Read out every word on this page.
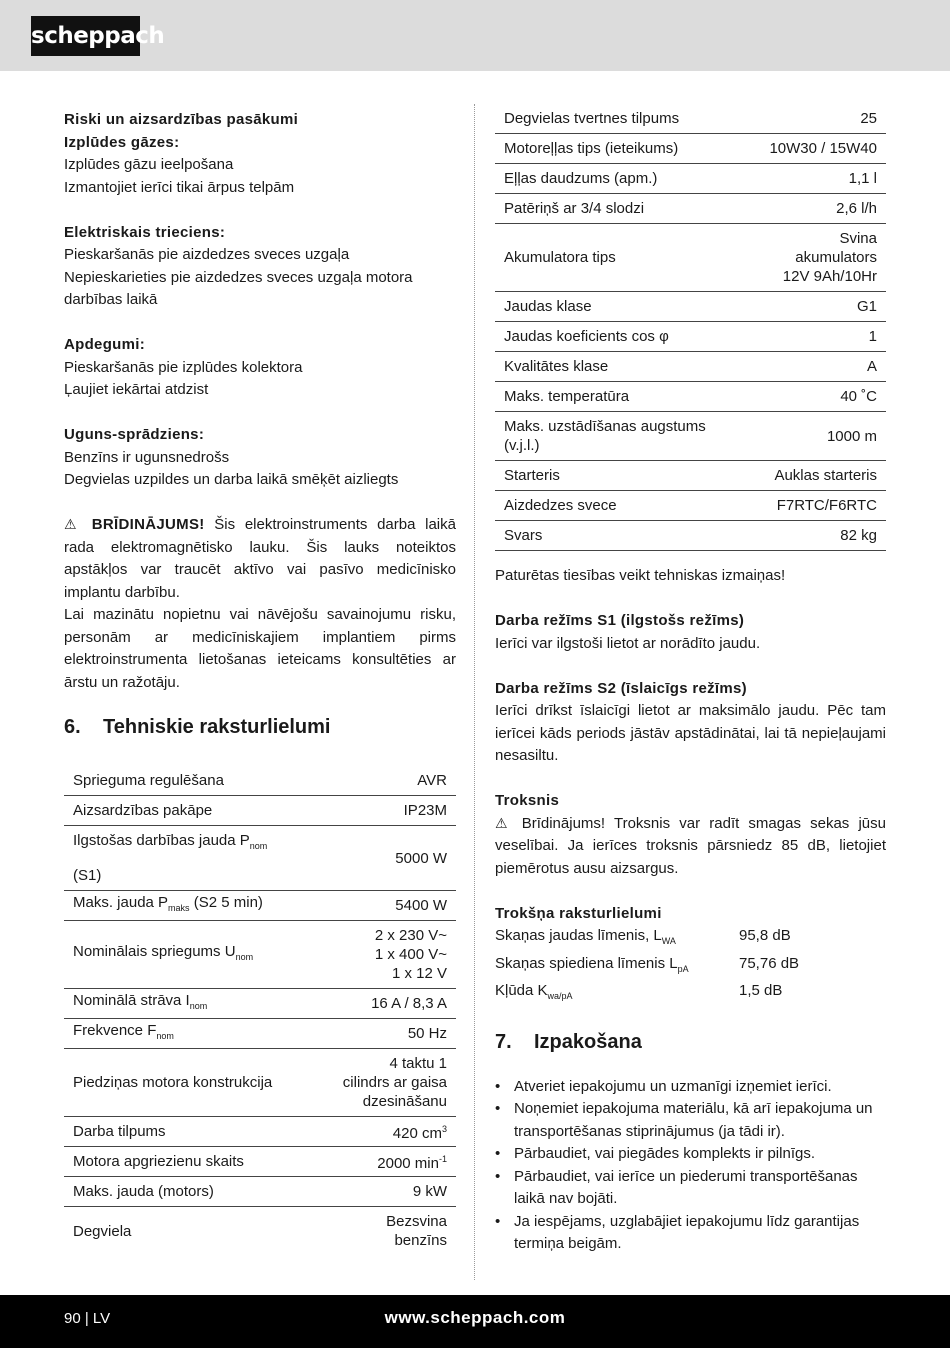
scheppach

Riski un aizsardzības pasākumi

Izplūdes gāzes:

Izplūdes gāzu ieelpošana

Izmantojiet ierīci tikai ārpus telpām

Elektriskais trieciens:

Pieskaršanās pie aizdedzes sveces uzgaļa

Nepieskarieties pie aizdedzes sveces uzgaļa motora darbības laikā

Apdegumi:

Pieskaršanās pie izplūdes kolektora

Ļaujiet iekārtai atdzist

Uguns-sprādziens:

Benzīns ir ugunsnedrošs

Degvielas uzpildes un darba laikā smēķēt aizliegts

⚠ BRĪDINĀJUMS! Šis elektroinstruments darba laikā rada elektromagnētisko lauku. Šis lauks noteiktos apstākļos var traucēt aktīvo vai pasīvo medicīnisko implantu darbību.

Lai mazinātu nopietnu vai nāvējošu savainojumu risku, personām ar medicīniskajiem implantiem pirms elektroinstrumenta lietošanas ieteicams konsultēties ar ārstu un ražotāju.

6. Tehniskie raksturlielumi

Sprieguma regulēšana	AVR
Aizsardzības pakāpe	IP23M
Ilgstošas darbības jauda $P_{nom}$
(S1)	5000 W
Maks. jauda $P_{maks}$ (S2 5 min)	5400 W
Nominālais spriegums $U_{nom}$	2 x 230 V~
1 x 400 V~
1 x 12 V
Nominālā strāva $I_{nom}$	16 A / 8,3 A
Frekvence $F_{nom}$	50 Hz
Piedziņas motora konstrukcija	4 taktu 1
cilindrs ar gaisa
dzesināšanu
Darba tilpums	420 $cm^3$
Motora apgriezienu skaits	2000 $\min^{-1}$
Maks. jauda (motors)	9 kW
Degviela	Bezsvina
benzīns
Degvielas tvertnes tilpums	25
Motoreļļas tips (ieteikums)	10W30 / 15W40
Eļļas daudzums (apm.)	1,1 l
Patēriņš ar 3/4 slodzi	2,6 l/h
Akumulatora tips	Svina
akumulators
12V 9Ah/10Hr
Jaudas klase	G1
Jaudas koeficients cos φ	1
Kvalitātes klase	A
Maks. temperatūra	40 ˚C
Maks. uzstādīšanas augstums
(v.j.l.)	1000 m
Starteris	Auklas starteris
Aizdedzes svece	F7RTC/F6RTC
Svars	82 kg

Paturētas tiesības veikt tehniskas izmaiņas!

Darba režīms S1 (ilgstošs režīms)

Ierīci var ilgstoši lietot ar norādīto jaudu.

Darba režīms S2 (īslaicīgs režīms)

Ierīci drīkst īslaicīgi lietot ar maksimālo jaudu. Pēc tam ierīcei kāds periods jāstāv apstādinātai, lai tā nepieļaujami nesasiltu.

Troksnis

⚠ Brīdinājums! Troksnis var radīt smagas sekas jūsu veselībai. Ja ierīces troksnis pārsniedz 85 dB, lietojiet piemērotus ausu aizsargus.

Trokšņa raksturlielumi

Skaņas jaudas līmenis, $L_{WA}$	95,8 dB
Skaņas spiediena līmenis $L_{pA}$	75,76 dB
Kļūda $K_{wa/pA}$	1,5 dB

7. Izpakošana

• Atveriet iepakojumu un uzmanīgi izņemiet ierīci.
• Noņemiet iepakojuma materiālu, kā arī iepakojuma un transportēšanas stiprinājumus (ja tādi ir).
• Pārbaudiet, vai piegādes komplekts ir pilnīgs.
• Pārbaudiet, vai ierīce un piederumi transportēšanas laikā nav bojāti.
• Ja iespējams, uzglabājiet iepakojumu līdz garantijas termiņa beigām.
90 | LV	www.scheppach.com
